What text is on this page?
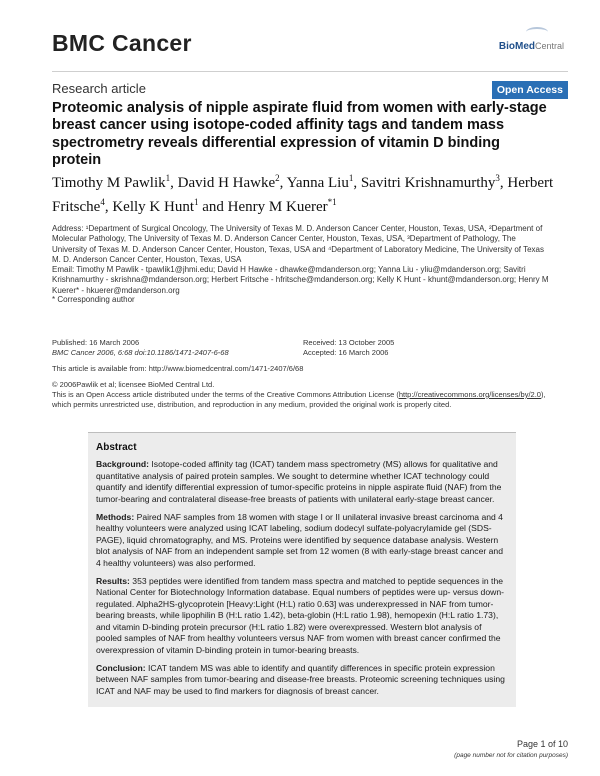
BMC Cancer	BioMedCentral
Research article	Open Access
Proteomic analysis of nipple aspirate fluid from women with early-stage breast cancer using isotope-coded affinity tags and tandem mass spectrometry reveals differential expression of vitamin D binding protein
Timothy M Pawlik$^1$, David H Hawke$^2$, Yanna Liu$^1$, Savitri Krishnamurthy$^3$, Herbert Fritsche$^4$, Kelly K Hunt$^1$ and Henry M Kuerer$^{*1}$
Address: ¹Department of Surgical Oncology, The University of Texas M. D. Anderson Cancer Center, Houston, Texas, USA, ²Department of Molecular Pathology, The University of Texas M. D. Anderson Cancer Center, Houston, Texas, USA, ³Department of Pathology, The University of Texas M. D. Anderson Cancer Center, Houston, Texas, USA and ⁴Department of Laboratory Medicine, The University of Texas M. D. Anderson Cancer Center, Houston, Texas, USA
Email: Timothy M Pawlik - tpawlik1@jhmi.edu; David H Hawke - dhawke@mdanderson.org; Yanna Liu - yliu@mdanderson.org; Savitri Krishnamurthy - skrishna@mdanderson.org; Herbert Fritsche - hfritsche@mdanderson.org; Kelly K Hunt - khunt@mdanderson.org; Henry M Kuerer* - hkuerer@mdanderson.org
* Corresponding author
Published: 16 March 2006
BMC Cancer 2006, 6:68 doi:10.1186/1471-2407-6-68
Received: 13 October 2005
Accepted: 16 March 2006
This article is available from: http://www.biomedcentral.com/1471-2407/6/68
© 2006Pawlik et al; licensee BioMed Central Ltd.
This is an Open Access article distributed under the terms of the Creative Commons Attribution License (http://creativecommons.org/licenses/by/2.0), which permits unrestricted use, distribution, and reproduction in any medium, provided the original work is properly cited.
Abstract

Background: Isotope-coded affinity tag (ICAT) tandem mass spectrometry (MS) allows for qualitative and quantitative analysis of paired protein samples. We sought to determine whether ICAT technology could quantify and identify differential expression of tumor-specific proteins in nipple aspirate fluid (NAF) from the tumor-bearing and contralateral disease-free breasts of patients with unilateral early-stage breast cancer.

Methods: Paired NAF samples from 18 women with stage I or II unilateral invasive breast carcinoma and 4 healthy volunteers were analyzed using ICAT labeling, sodium dodecyl sulfate-polyacrylamide gel (SDS-PAGE), liquid chromatography, and MS. Proteins were identified by sequence database analysis. Western blot analysis of NAF from an independent sample set from 12 women (8 with early-stage breast cancer and 4 healthy volunteers) was also performed.

Results: 353 peptides were identified from tandem mass spectra and matched to peptide sequences in the National Center for Biotechnology Information database. Equal numbers of peptides were up- versus down-regulated. Alpha2HS-glycoprotein [Heavy:Light (H:L) ratio 0.63] was underexpressed in NAF from tumor-bearing breasts, while lipophilin B (H:L ratio 1.42), beta-globin (H:L ratio 1.98), hemopexin (H:L ratio 1.73), and vitamin D-binding protein precursor (H:L ratio 1.82) were overexpressed. Western blot analysis of pooled samples of NAF from healthy volunteers versus NAF from women with breast cancer confirmed the overexpression of vitamin D-binding protein in tumor-bearing breasts.

Conclusion: ICAT tandem MS was able to identify and quantify differences in specific protein expression between NAF samples from tumor-bearing and disease-free breasts. Proteomic screening techniques using ICAT and NAF may be used to find markers for diagnosis of breast cancer.

Page 1 of 10
(page number not for citation purposes)
